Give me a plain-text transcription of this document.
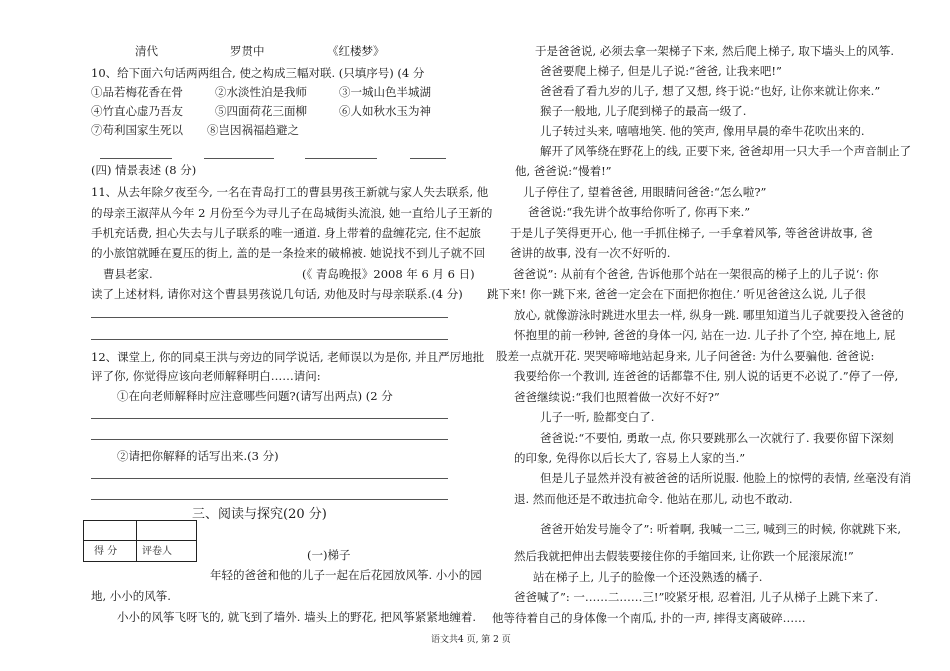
清代	罗贯中	《红楼梦》
10、给下面六句话两两组合, 使之构成三幅对联. (只填序号) (4 分
①品若梅花香在骨	②水淡性泊是我师	③一城山色半城湖
④竹直心虚乃吾友	⑤四面荷花三面柳	⑥人如秋水玉为神
⑦苟利国家生死以 ⑧岂因祸福趋避之
(四) 情景表述 (8 分)
11、从去年除夕夜至今, 一名在青岛打工的曹县男孩王新就与家人失去联系, 他
的母亲王淑萍从今年 2 月份至今为寻儿子在岛城街头流浪, 她一直给儿子王新的
手机充话费, 担心失去与儿子联系的唯一通道. 身上带着的盘缠花完, 住不起旅
的小旅馆就睡在夏压的街上, 盖的是一条捡来的破棉被. 她说找不到儿子就不回
曹县老家.	(《 青岛晚报》2008 年 6 月 6 日)
读了上述材料, 请你对这个曹县男孩说几句话, 劝他及时与母亲联系.(4 分)
12、课堂上, 你的同桌王洪与旁边的同学说话, 老师误以为是你, 并且严厉地批
评了你, 你觉得应该向老师解释明白……请问:
①在向老师解释时应注意哪些问题?(请写出两点) (2 分
②请把你解释的话写出来.(3 分)
三、阅读与探究(20 分)
得 分 评卷人	(一)梯子
年轻的爸爸和他的儿子一起在后花园放风筝. 小小的园
地, 小小的风筝.
小小的风筝飞呀飞的, 就飞到了墙外. 墙头上的野花, 把风筝紧紧地缠着.
于是爸爸说, 必须去拿一架梯子下来, 然后爬上梯子, 取下墙头上的风筝.
爸爸要爬上梯子, 但是儿子说:“爸爸, 让我来吧!”
爸爸看了看九岁的儿子, 想了又想, 终于说:“也好, 让你来就让你来.”
猴子一般地, 儿子爬到梯子的最高一级了.
儿子转过头来, 嘻嘻地笑. 他的笑声, 像用早晨的牵牛花吹出来的.
解开了风筝绕在野花上的线, 正要下来, 爸爸却用一只大手一个声音制止了
他, 爸爸说:“慢着!”
儿子停住了, 望着爸爸, 用眼睛问爸爸:“怎么啦?”
爸爸说:“我先讲个故事给你听了, 你再下来.”
于是儿子笑得更开心, 他一手抓住梯子, 一手拿着风筝, 等爸爸讲故事, 爸
爸讲的故事, 没有一次不好听的.
爸爸说”: 从前有个爸爸, 告诉他那个站在一架很高的梯子上的儿子说‘: 你
跳下来! 你一跳下来, 爸爸一定会在下面把你抱住.’ 听见爸爸这么说, 儿子很
放心, 就像游泳时跳进水里去一样, 纵身一跳. 哪里知道当儿子就要投入爸爸的
怀抱里的前一秒钟, 爸爸的身体一闪, 站在一边. 儿子扑了个空, 掉在地上, 屁
股差一点就开花. 哭哭啼啼地站起身来, 儿子问爸爸: 为什么要骗他. 爸爸说:
我要给你一个教训, 连爸爸的话都靠不住, 别人说的话更不必说了.”停了一停,
爸爸继续说:“我们也照着做一次好不好?”
儿子一听, 脸都变白了.
爸爸说:“不要怕, 勇敢一点, 你只要跳那么一次就行了. 我要你留下深刻
的印象, 免得你以后长大了, 容易上人家的当.”
但是儿子显然并没有被爸爸的话所说服. 他脸上的惊愕的表情, 丝毫没有消
退. 然而他还是不敢违抗命令. 他站在那儿, 动也不敢动.
爸爸开始发号施令了”: 听着啊, 我喊一二三, 喊到三的时候, 你就跳下来,
然后我就把伸出去假装要接住你的手缩回来, 让你跌一个屁滚尿流!”
站在梯子上, 儿子的脸像一个还没熟透的橘子.
爸爸喊了”: 一……二……三!”咬紧牙根, 忍着泪, 儿子从梯子上跳下来了.
他等待着自己的身体像一个南瓜, 扑的一声, 摔得支离破碎……
语文共4 页, 第 2 页
